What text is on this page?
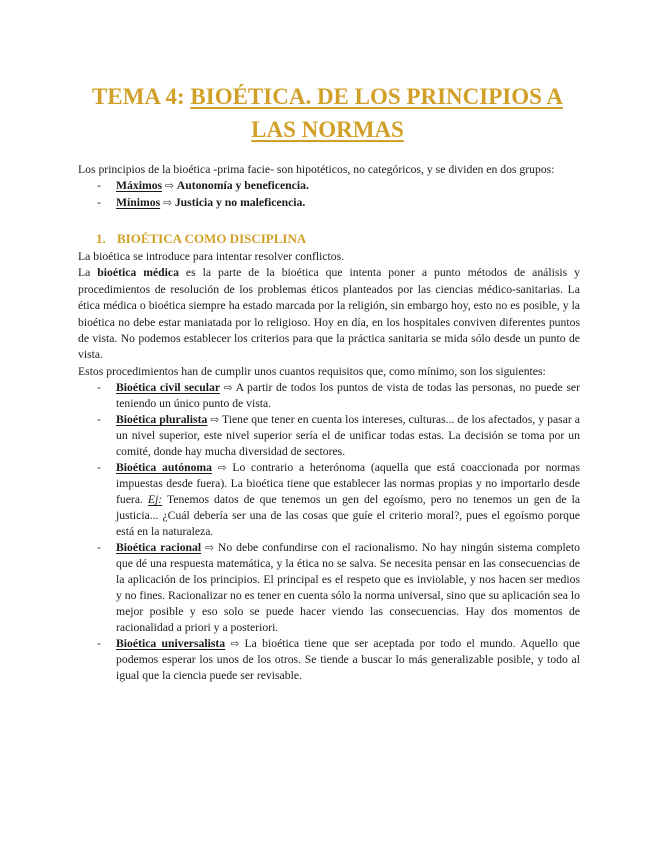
TEMA 4: BIOÉTICA. DE LOS PRINCIPIOS A
LAS NORMAS

Los principios de la bioética -prima facie- son hipotéticos, no categóricos, y se dividen en dos grupos:

- Máximos ⇨ Autonomía y beneficencia.
- Mínimos ⇨ Justicia y no maleficencia.
1. BIOÉTICA COMO DISCIPLINA

La bioética se introduce para intentar resolver conflictos.

La bioética médica es la parte de la bioética que intenta poner a punto métodos de análisis y procedimientos de resolución de los problemas éticos planteados por las ciencias médico-sanitarias. La ética médica o bioética siempre ha estado marcada por la religión, sin embargo hoy, esto no es posible, y la bioética no debe estar maniatada por lo religioso. Hoy en día, en los hospitales conviven diferentes puntos de vista. No podemos establecer los criterios para que la práctica sanitaria se mida sólo desde un punto de vista.

Estos procedimientos han de cumplir unos cuantos requisitos que, como mínimo, son los siguientes:

- Bioética civil secular ⇨ A partir de todos los puntos de vista de todas las personas, no puede ser teniendo un único punto de vista.
- Bioética pluralista ⇨ Tiene que tener en cuenta los intereses, culturas... de los afectados, y pasar a un nivel superior, este nivel superior sería el de unificar todas estas. La decisión se toma por un comité, donde hay mucha diversidad de sectores.
- Bioética autónoma ⇨ Lo contrario a heterónoma (aquella que está coaccionada por normas impuestas desde fuera). La bioética tiene que establecer las normas propias y no importarlo desde fuera. Ej: Tenemos datos de que tenemos un gen del egoísmo, pero no tenemos un gen de la justicia... ¿Cuál debería ser una de las cosas que guíe el criterio moral?, pues el egoísmo porque está en la naturaleza.
- Bioética racional ⇨ No debe confundirse con el racionalismo. No hay ningún sistema completo que dé una respuesta matemática, y la ética no se salva. Se necesita pensar en las consecuencias de la aplicación de los principios. El principal es el respeto que es inviolable, y nos hacen ser medios y no fines. Racionalizar no es tener en cuenta sólo la norma universal, sino que su aplicación sea lo mejor posible y eso solo se puede hacer viendo las consecuencias. Hay dos momentos de racionalidad a priori y a posteriori.
- Bioética universalista ⇨ La bioética tiene que ser aceptada por todo el mundo. Aquello que podemos esperar los unos de los otros. Se tiende a buscar lo más generalizable posible, y todo al igual que la ciencia puede ser revisable.
